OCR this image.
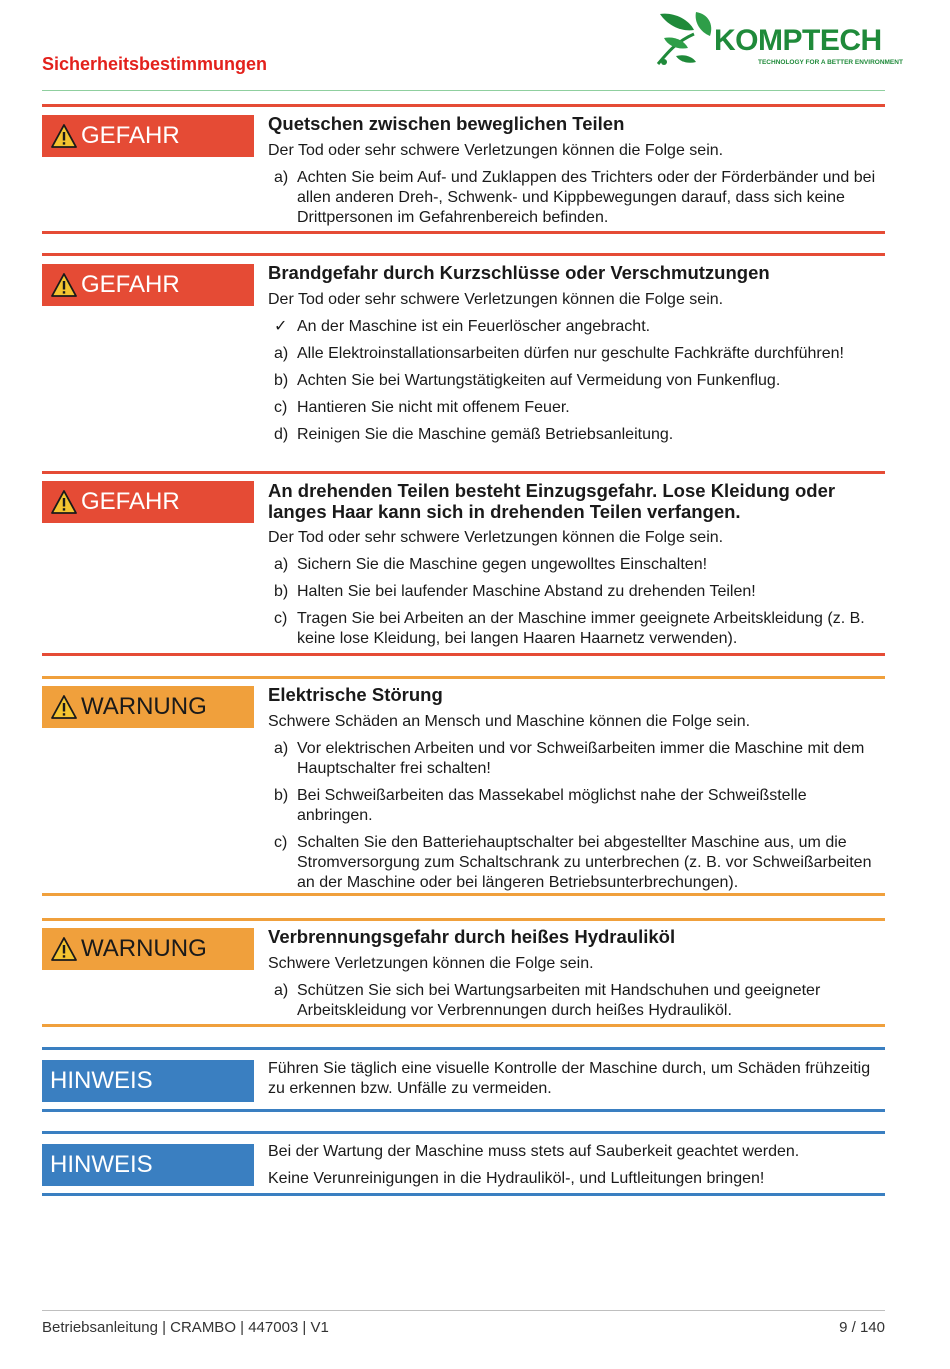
Sicherheitsbestimmungen
KOMPTECH
TECHNOLOGY FOR A BETTER ENVIRONMENT
GEFAHR	Quetschen zwischen beweglichen Teilen
Der Tod oder sehr schwere Verletzungen können die Folge sein.
a) Achten Sie beim Auf- und Zuklappen des Trichters oder der Förderbänder und bei allen anderen Dreh-, Schwenk- und Kippbewegungen darauf, dass sich keine Drittpersonen im Gefahrenbereich befinden.
GEFAHR	Brandgefahr durch Kurzschlüsse oder Verschmutzungen
Der Tod oder sehr schwere Verletzungen können die Folge sein.
✓ An der Maschine ist ein Feuerlöscher angebracht.
a) Alle Elektroinstallationsarbeiten dürfen nur geschulte Fachkräfte durchführen!
b) Achten Sie bei Wartungstätigkeiten auf Vermeidung von Funkenflug.
c) Hantieren Sie nicht mit offenem Feuer.
d) Reinigen Sie die Maschine gemäß Betriebsanleitung.
GEFAHR	An drehenden Teilen besteht Einzugsgefahr. Lose Kleidung oder langes Haar kann sich in drehenden Teilen verfangen.
Der Tod oder sehr schwere Verletzungen können die Folge sein.
a) Sichern Sie die Maschine gegen ungewolltes Einschalten!
b) Halten Sie bei laufender Maschine Abstand zu drehenden Teilen!
c) Tragen Sie bei Arbeiten an der Maschine immer geeignete Arbeitskleidung (z. B. keine lose Kleidung, bei langen Haaren Haarnetz verwenden).
WARNUNG	Elektrische Störung
Schwere Schäden an Mensch und Maschine können die Folge sein.
a) Vor elektrischen Arbeiten und vor Schweißarbeiten immer die Maschine mit dem Hauptschalter frei schalten!
b) Bei Schweißarbeiten das Massekabel möglichst nahe der Schweißstelle anbringen.
c) Schalten Sie den Batteriehauptschalter bei abgestellter Maschine aus, um die Stromversorgung zum Schaltschrank zu unterbrechen (z. B. vor Schweißarbeiten an der Maschine oder bei längeren Betriebsunterbrechungen).
WARNUNG	Verbrennungsgefahr durch heißes Hydrauliköl
Schwere Verletzungen können die Folge sein.
a) Schützen Sie sich bei Wartungsarbeiten mit Handschuhen und geeigneter Arbeitskleidung vor Verbrennungen durch heißes Hydrauliköl.
HINWEIS	Führen Sie täglich eine visuelle Kontrolle der Maschine durch, um Schäden frühzeitig zu erkennen bzw. Unfälle zu vermeiden.
HINWEIS	Bei der Wartung der Maschine muss stets auf Sauberkeit geachtet werden.
Keine Verunreinigungen in die Hydrauliköl-, und Luftleitungen bringen!
Betriebsanleitung | CRAMBO | 447003 | V1	9 / 140
